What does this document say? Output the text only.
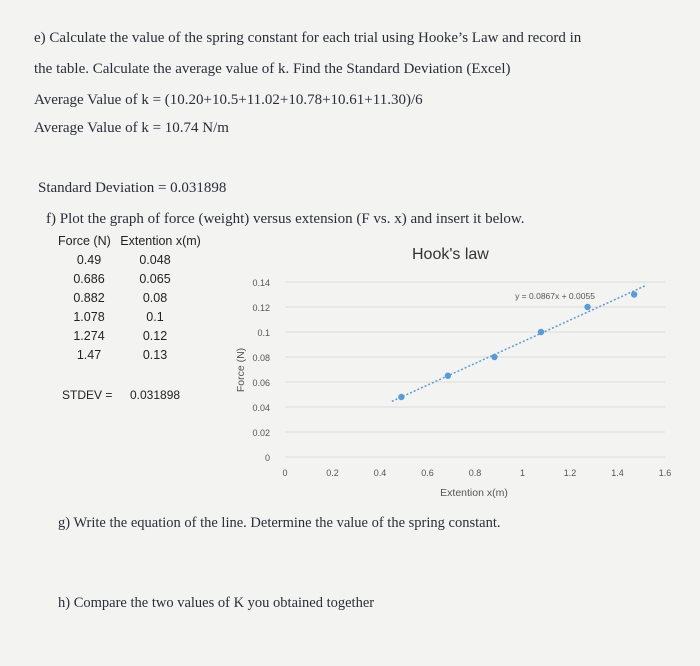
e) Calculate the value of the spring constant for each trial using Hooke’s Law and record in
the table. Calculate the average value of k. Find the Standard Deviation (Excel)
Average Value of k = (10.20+10.5+11.02+10.78+10.61+11.30)/6
Average Value of k = 10.74 N/m
Standard Deviation = 0.031898
f) Plot the graph of force (weight) versus extension (F vs. x) and insert it below.
Force (N) Extention x(m)
0.49	0.048
0.686	0.065
0.882	0.08
1.078	0.1
1.274	0.12
1.47	0.13
STDEV = 0.031898
Hook's law
0
0.02
0.04
0.06
0.08
0.1
0.12
0.14
0	0.2	0.4	0.6	0.8	1	1.2	1.4	1.6
Extention x(m)
Force (N)
y = 0.0867x + 0.0055
g) Write the equation of the line. Determine the value of the spring constant.
h) Compare the two values of K you obtained together
